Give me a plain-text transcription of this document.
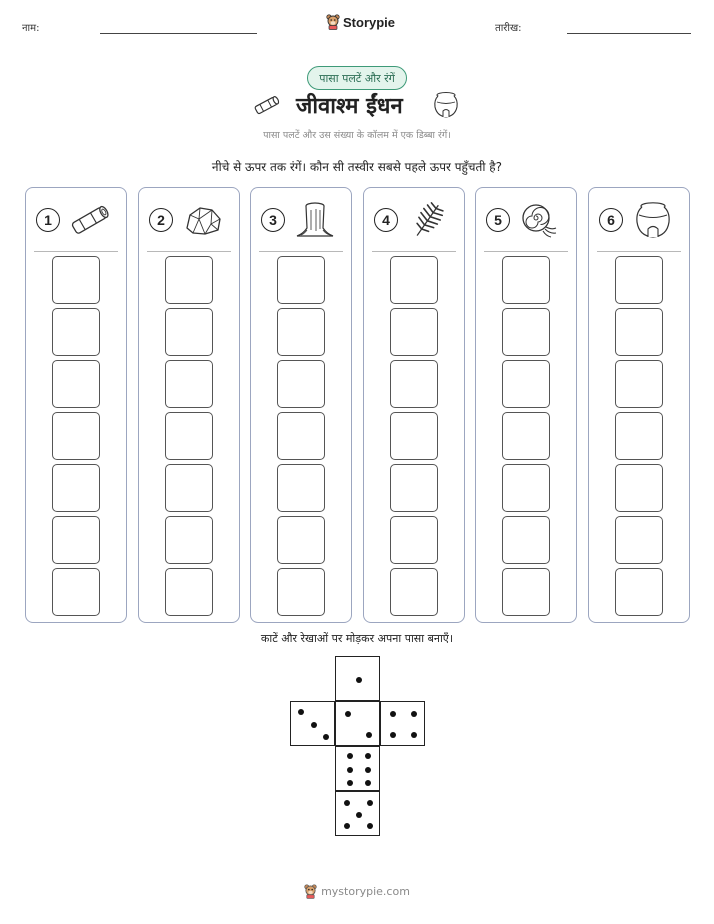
नाम:	Storypie	तारीख:
पासा पलटें और रंगें
जीवाश्म ईंधन
पासा पलटें और उस संख्या के कॉलम में एक डिब्बा रंगें।
नीचे से ऊपर तक रंगें। कौन सी तस्वीर सबसे पहले ऊपर पहुँचती है?
1	2	3	4	5	6
काटें और रेखाओं पर मोड़कर अपना पासा बनाएँ।
mystorypie.com
